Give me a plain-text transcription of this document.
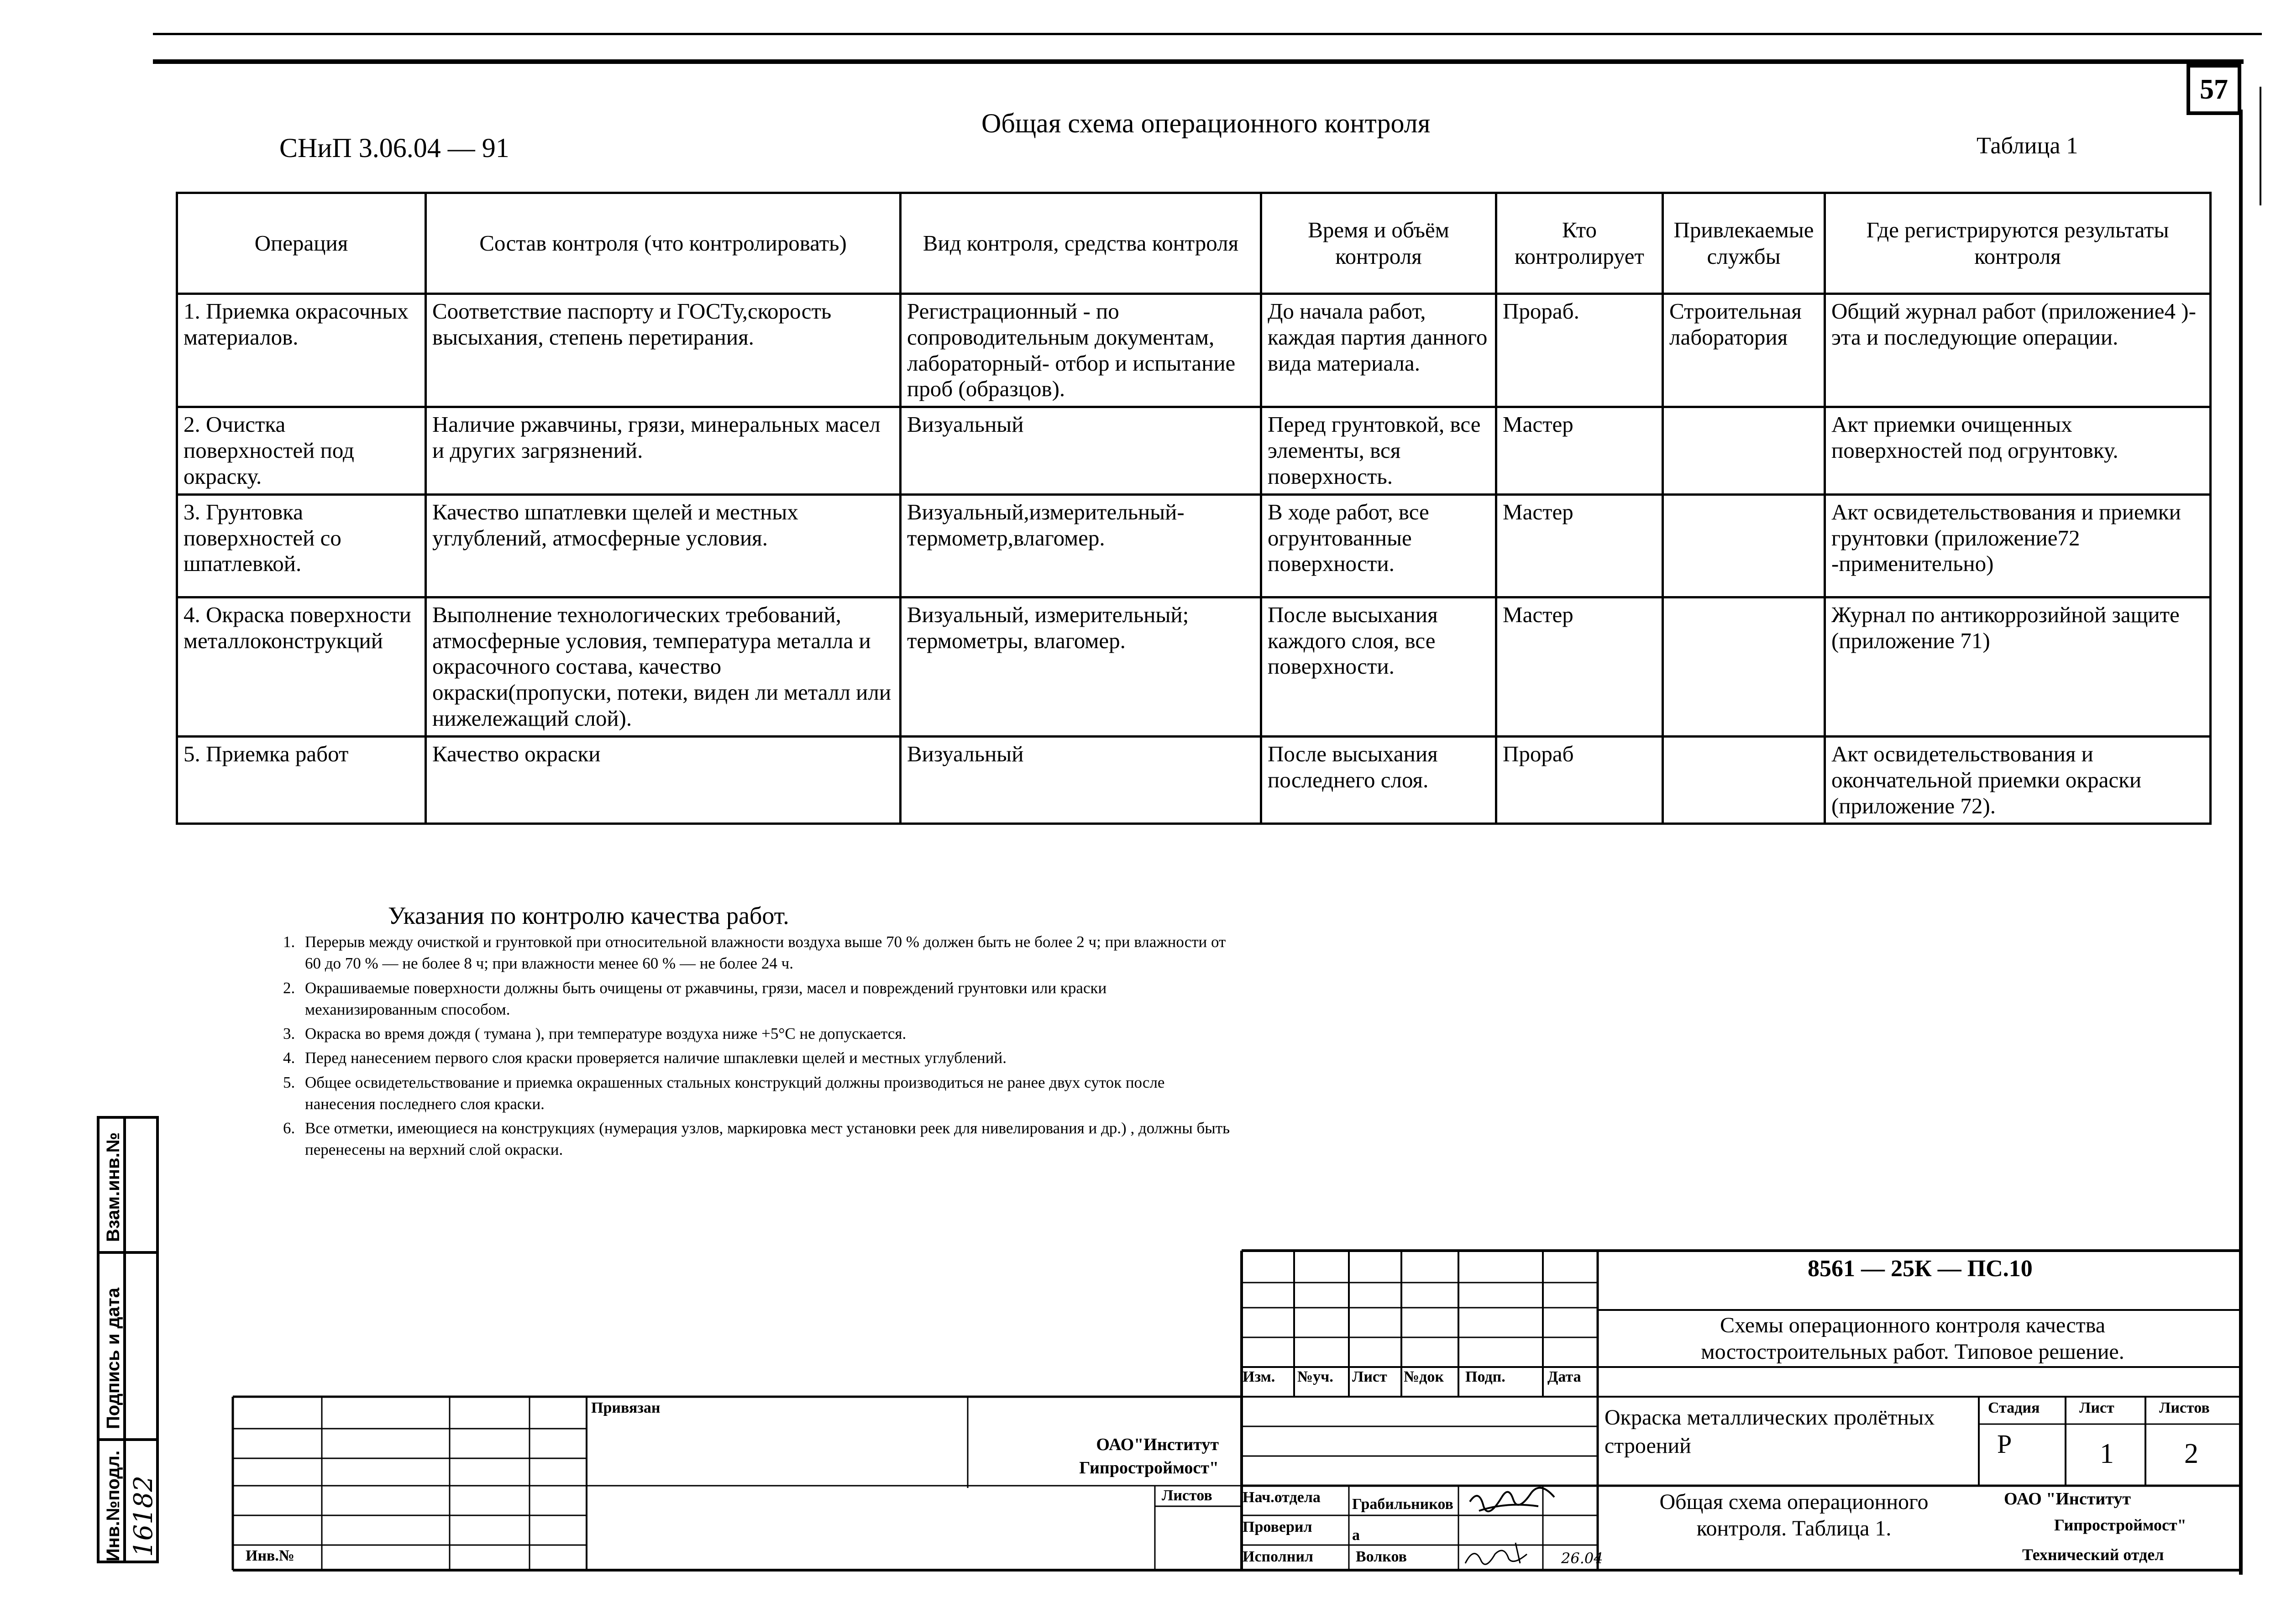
57
СНиП 3.06.04 — 91
Общая схема операционного контроля
Таблица 1
Операция	Состав контроля (что контролировать)	Вид контроля, средства контроля	Время и объём контроля	Кто контролирует	Привлекаемые службы	Где регистрируются результаты контроля
1. Приемка окрасочных материалов.	Соответствие паспорту и ГОСТу,скорость высыхания, степень перетирания.	Регистрационный - по сопроводительным документам, лабораторный- отбор и испытание проб (образцов).	До начала работ, каждая партия данного вида материала.	Прораб.	Строительная лаборатория	Общий журнал работ (приложение4 )- эта и последующие операции.
2. Очистка поверхностей под окраску.	Наличие ржавчины, грязи, минеральных масел и других загрязнений.	Визуальный	Перед грунтовкой, все элементы, вся поверхность.	Мастер		Акт приемки очищенных поверхностей под огрунтовку.
3. Грунтовка поверхностей со шпатлевкой.	Качество шпатлевки щелей и местных углублений, атмосферные условия.	Визуальный,измерительный-термометр,влагомер.	В ходе работ, все огрунтованные поверхности.	Мастер		Акт освидетельствования и приемки грунтовки (приложение72 -применительно)
4. Окраска поверхности металлоконструкций	Выполнение технологических требований, атмосферные условия, температура металла и окрасочного состава, качество окраски(пропуски, потеки, виден ли металл или нижележащий слой).	Визуальный, измерительный; термометры, влагомер.	После высыхания каждого слоя, все поверхности.	Мастер		Журнал по антикоррозийной защите (приложение 71)
5. Приемка работ	Качество окраски	Визуальный	После высыхания последнего слоя.	Прораб		Акт освидетельствования и окончательной приемки окраски (приложение 72).
Указания по контролю качества работ.
1. Перерыв между очисткой и грунтовкой при относительной влажности воздуха выше 70 % должен быть не более 2 ч; при влажности от 60 до 70 % — не более 8 ч; при влажности менее 60 % — не более 24 ч.
2. Окрашиваемые поверхности должны быть очищены от ржавчины, грязи, масел и повреждений грунтовки или краски механизированным способом.
3. Окраска во время дождя ( тумана ), при температуре воздуха ниже +5°С не допускается.
4. Перед нанесением первого слоя краски проверяется наличие шпаклевки щелей и местных углублений.
5. Общее освидетельствование и приемка окрашенных стальных конструкций должны производиться не ранее двух суток после нанесения последнего слоя краски.
6. Все отметки, имеющиеся на конструкциях (нумерация узлов, маркировка мест установки реек для нивелирования и др.) , должны быть перенесены на верхний слой окраски.
Взам.инв.№
Подпись и дата
Инв.№подл. 16182
8561 — 25К — ПС.10
Схемы операционного контроля качества мостостроительных работ. Типовое решение.
Изм. №уч. Лист №док Подп.	Дата
Привязан
ОАО"Институт Гипростроймост"
Листов
Инв.№
Окраска металлических пролётных строений
Стадия	Лист	Листов
Р	1 2
Нач.отдела Грабильникова
Проверил
Исполнил	Волков	26.04
Общая схема операционного контроля. Таблица 1.
ОАО "Институт
Гипростроймост"
Технический отдел
